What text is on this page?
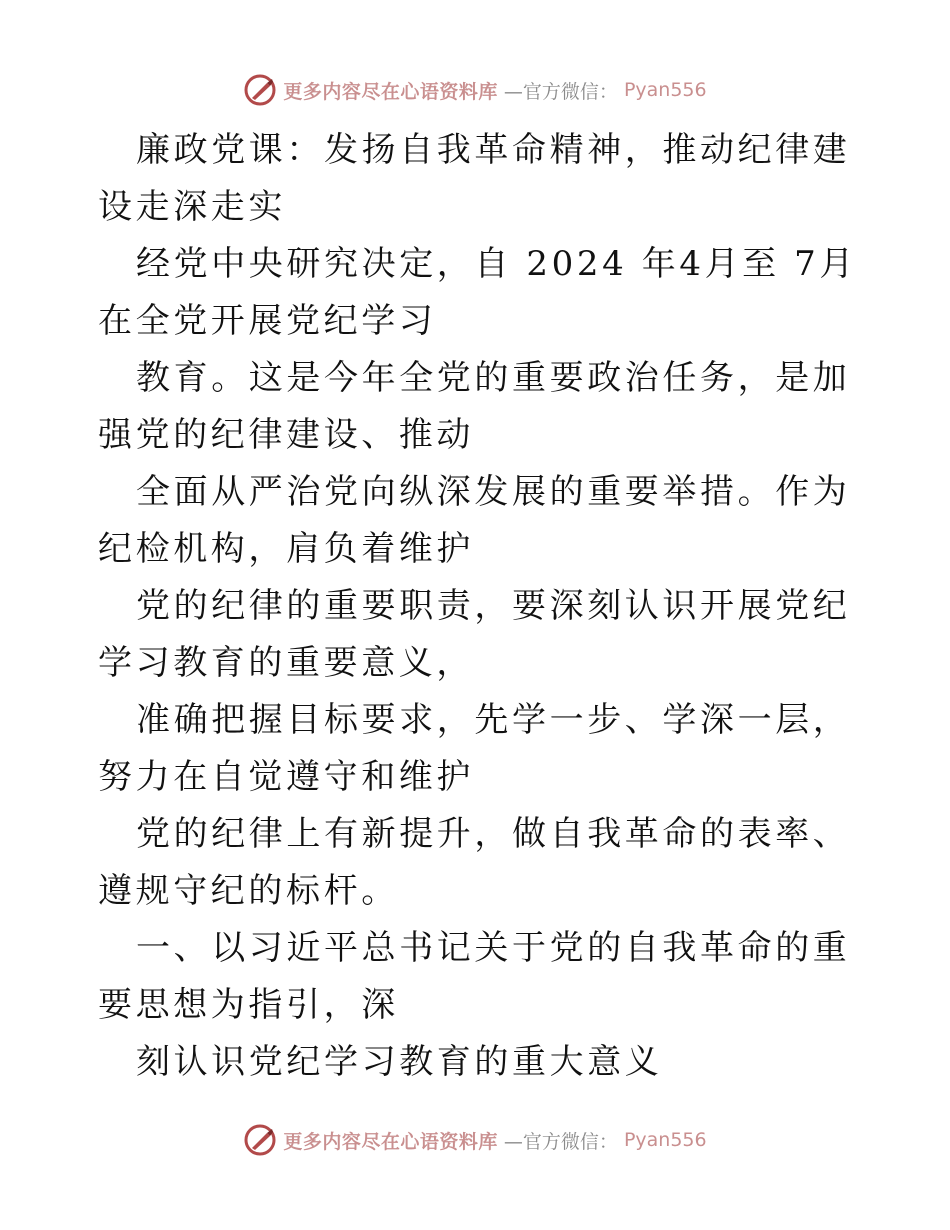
更多内容尽在心语资料库 —官方微信： Pyan556

廉政党课：发扬自我革命精神，推动纪律建设走深走实

经党中央研究决定，自 2024 年4月至 7月在全党开展党纪学习

教育。这是今年全党的重要政治任务，是加强党的纪律建设、推动

全面从严治党向纵深发展的重要举措。作为纪检机构，肩负着维护

党的纪律的重要职责，要深刻认识开展党纪学习教育的重要意义，

准确把握目标要求，先学一步、学深一层，努力在自觉遵守和维护

党的纪律上有新提升，做自我革命的表率、遵规守纪的标杆。

一、以习近平总书记关于党的自我革命的重要思想为指引，深

刻认识党纪学习教育的重大意义

更多内容尽在心语资料库 —官方微信： Pyan556
